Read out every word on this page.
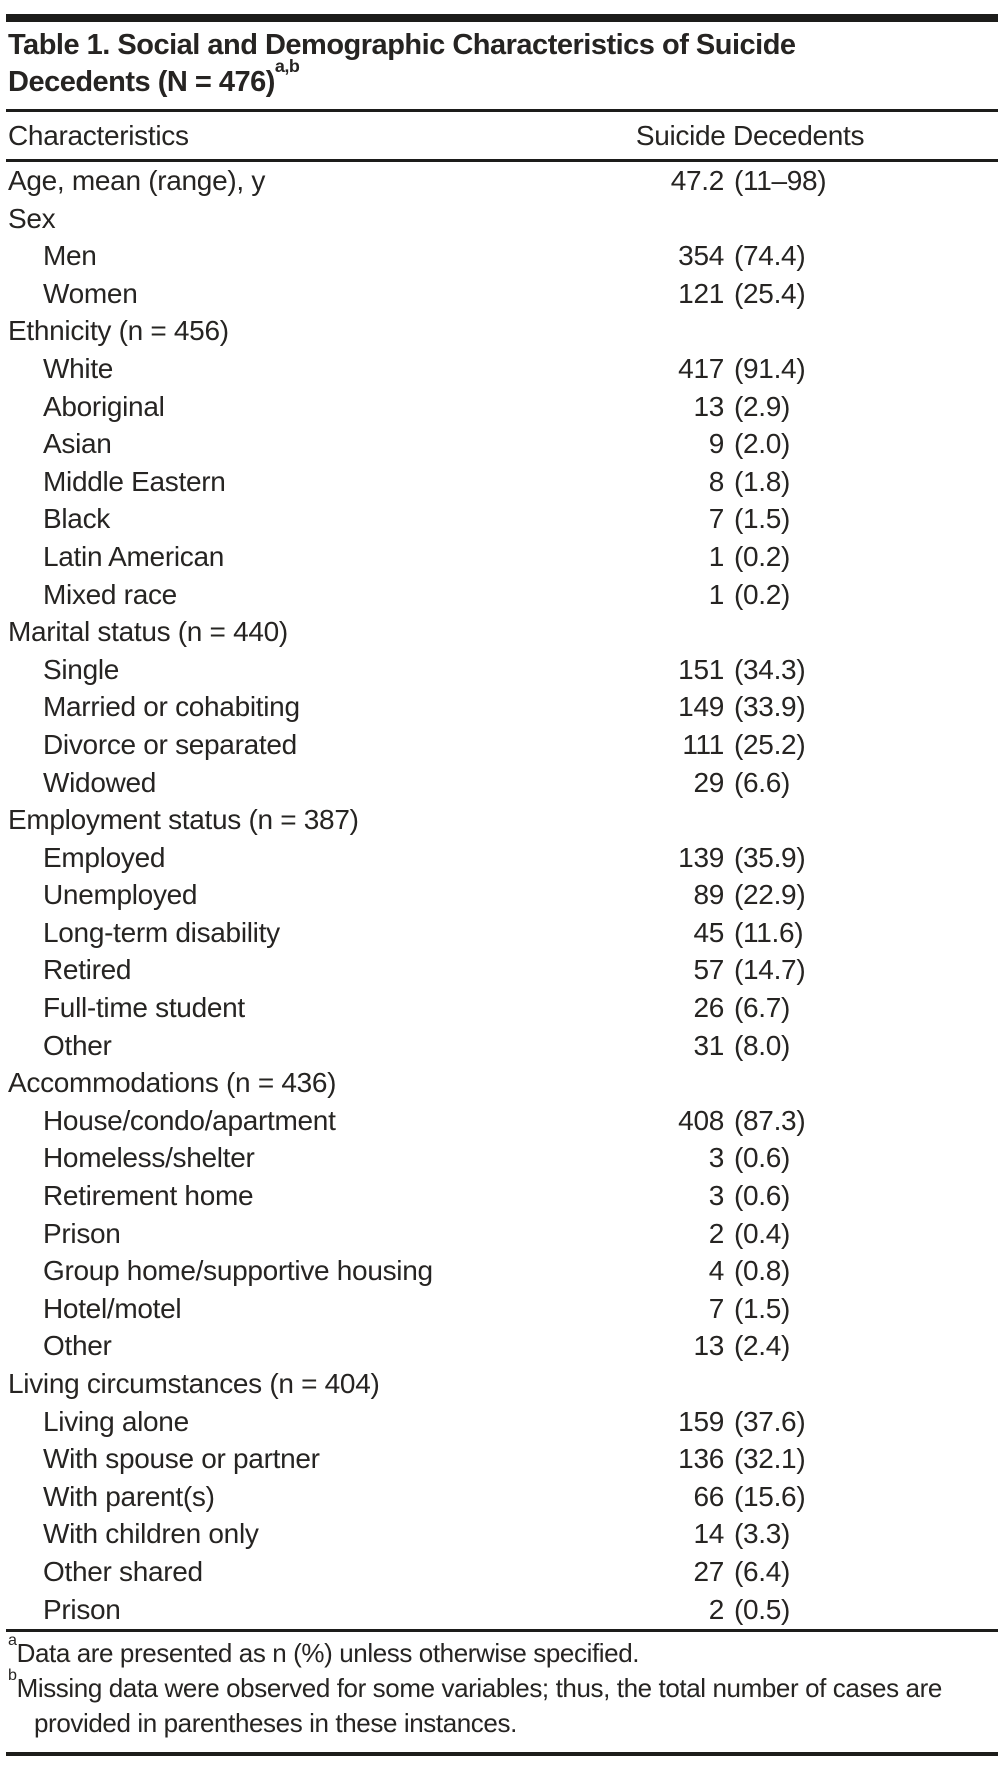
Table 1. Social and Demographic Characteristics of Suicide
Decedents (N = 476)$^{a,b}$
Characteristics	Suicide Decedents
Age, mean (range), y	47.2 (11–98)
Sex
Men	354 (74.4)
Women	121 (25.4)
Ethnicity (n = 456)
White	417 (91.4)
Aboriginal	13 (2.9)
Asian	9 (2.0)
Middle Eastern	8 (1.8)
Black	7 (1.5)
Latin American	1 (0.2)
Mixed race	1 (0.2)
Marital status (n = 440)
Single	151 (34.3)
Married or cohabiting	149 (33.9)
Divorce or separated	111 (25.2)
Widowed	29 (6.6)
Employment status (n = 387)
Employed	139 (35.9)
Unemployed	89 (22.9)
Long-term disability	45 (11.6)
Retired	57 (14.7)
Full-time student	26 (6.7)
Other	31 (8.0)
Accommodations (n = 436)
House/condo/apartment	408 (87.3)
Homeless/shelter	3 (0.6)
Retirement home	3 (0.6)
Prison	2 (0.4)
Group home/supportive housing	4 (0.8)
Hotel/motel	7 (1.5)
Other	13 (2.4)
Living circumstances (n = 404)
Living alone	159 (37.6)
With spouse or partner	136 (32.1)
With parent(s)	66 (15.6)
With children only	14 (3.3)
Other shared	27 (6.4)
Prison	2 (0.5)
$^a$Data are presented as n (%) unless otherwise specified.
$^b$Missing data were observed for some variables; thus, the total number of cases are provided in parentheses in these instances.
